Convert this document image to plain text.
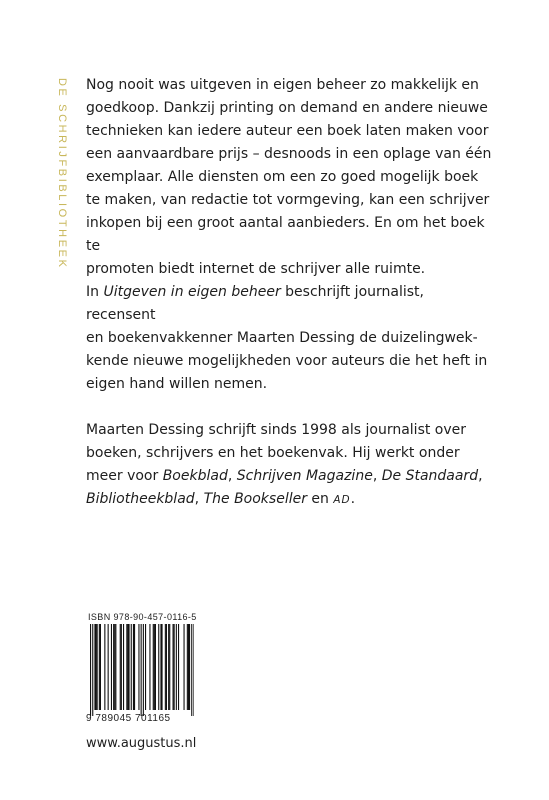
DE SCHRIJFBIBLIOTHEEK Nog nooit was uitgeven in eigen beheer zo makkelijk en

goedkoop. Dankzij printing on demand en andere nieuwe

technieken kan iedere auteur een boek laten maken voor

een aanvaardbare prijs – desnoods in een oplage van één

exemplaar. Alle diensten om een zo goed mogelijk boek

te maken, van redactie tot vormgeving, kan een schrijver

inkopen bij een groot aantal aanbieders. En om het boek te

promoten biedt internet de schrijver alle ruimte.

In Uitgeven in eigen beheer beschrijft journalist, recensent

en boekenvakkenner Maarten Dessing de duizelingwek-

kende nieuwe mogelijkheden voor auteurs die het heft in

eigen hand willen nemen.

Maarten Dessing schrijft sinds 1998 als journalist over

boeken, schrijvers en het boekenvak. Hij werkt onder

meer voor Boekblad, Schrijven Magazine, De Standaard,

Bibliotheekblad, The Bookseller en AD.

ISBN 978-90-457-0116-5
9 789045 701165
www.augustus.nl
